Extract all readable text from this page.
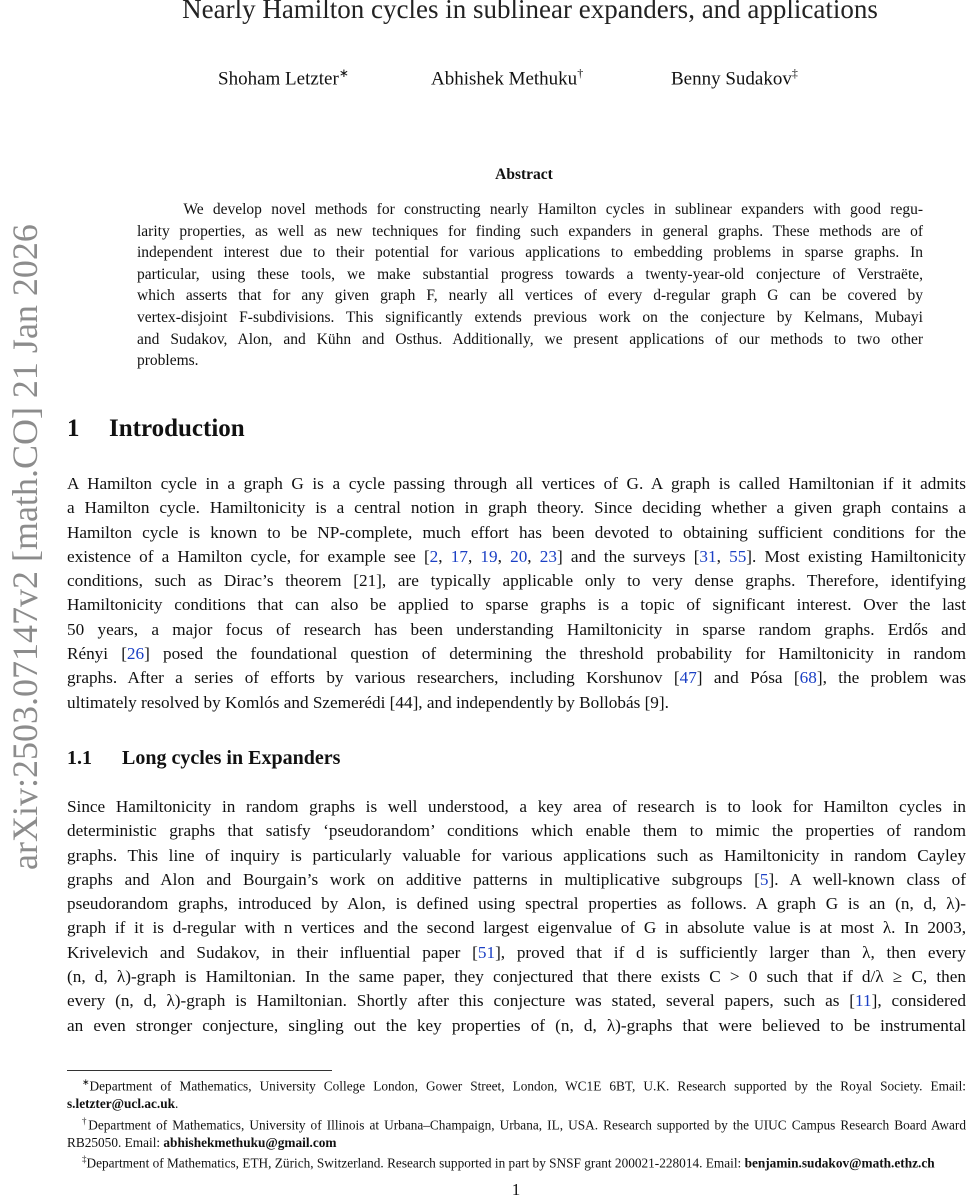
arXiv:2503.07147v2 [math.CO] 21 Jan 2026
Nearly Hamilton cycles in sublinear expanders, and applications
Shoham Letzter∗	Abhishek Methuku†	Benny Sudakov‡
Abstract
We develop novel methods for constructing nearly Hamilton cycles in sublinear expanders with good regu-
larity properties, as well as new techniques for finding such expanders in general graphs. These methods are of
independent interest due to their potential for various applications to embedding problems in sparse graphs. In
particular, using these tools, we make substantial progress towards a twenty-year-old conjecture of Verstraëte,
which asserts that for any given graph F, nearly all vertices of every d-regular graph G can be covered by
vertex-disjoint F-subdivisions. This significantly extends previous work on the conjecture by Kelmans, Mubayi
and Sudakov, Alon, and Kühn and Osthus. Additionally, we present applications of our methods to two other
problems.
1 Introduction
A Hamilton cycle in a graph G is a cycle passing through all vertices of G. A graph is called Hamiltonian if it admits
a Hamilton cycle. Hamiltonicity is a central notion in graph theory. Since deciding whether a given graph contains a
Hamilton cycle is known to be NP-complete, much effort has been devoted to obtaining sufficient conditions for the
existence of a Hamilton cycle, for example see [2, 17, 19, 20, 23] and the surveys [31, 55]. Most existing Hamiltonicity
conditions, such as Dirac’s theorem [21], are typically applicable only to very dense graphs. Therefore, identifying
Hamiltonicity conditions that can also be applied to sparse graphs is a topic of significant interest. Over the last
50 years, a major focus of research has been understanding Hamiltonicity in sparse random graphs. Erdős and
Rényi [26] posed the foundational question of determining the threshold probability for Hamiltonicity in random
graphs. After a series of efforts by various researchers, including Korshunov [47] and Pósa [68], the problem was
ultimately resolved by Komlós and Szemerédi [44], and independently by Bollobás [9].
1.1 Long cycles in Expanders
Since Hamiltonicity in random graphs is well understood, a key area of research is to look for Hamilton cycles in
deterministic graphs that satisfy ‘pseudorandom’ conditions which enable them to mimic the properties of random
graphs. This line of inquiry is particularly valuable for various applications such as Hamiltonicity in random Cayley
graphs and Alon and Bourgain’s work on additive patterns in multiplicative subgroups [5]. A well-known class of
pseudorandom graphs, introduced by Alon, is defined using spectral properties as follows. A graph G is an (n, d, λ)-
graph if it is d-regular with n vertices and the second largest eigenvalue of G in absolute value is at most λ. In 2003,
Krivelevich and Sudakov, in their influential paper [51], proved that if d is sufficiently larger than λ, then every
(n, d, λ)-graph is Hamiltonian. In the same paper, they conjectured that there exists C > 0 such that if d/λ ≥ C, then
every (n, d, λ)-graph is Hamiltonian. Shortly after this conjecture was stated, several papers, such as [11], considered
an even stronger conjecture, singling out the key properties of (n, d, λ)-graphs that were believed to be instrumental

∗Department of Mathematics, University College London, Gower Street, London, WC1E 6BT, U.K. Research supported by the Royal Society. Email: s.letzter@ucl.ac.uk.

†Department of Mathematics, University of Illinois at Urbana–Champaign, Urbana, IL, USA. Research supported by the UIUC Campus Research Board Award RB25050. Email: abhishekmethuku@gmail.com

‡Department of Mathematics, ETH, Zürich, Switzerland. Research supported in part by SNSF grant 200021-228014. Email: benjamin.sudakov@math.ethz.ch

1
